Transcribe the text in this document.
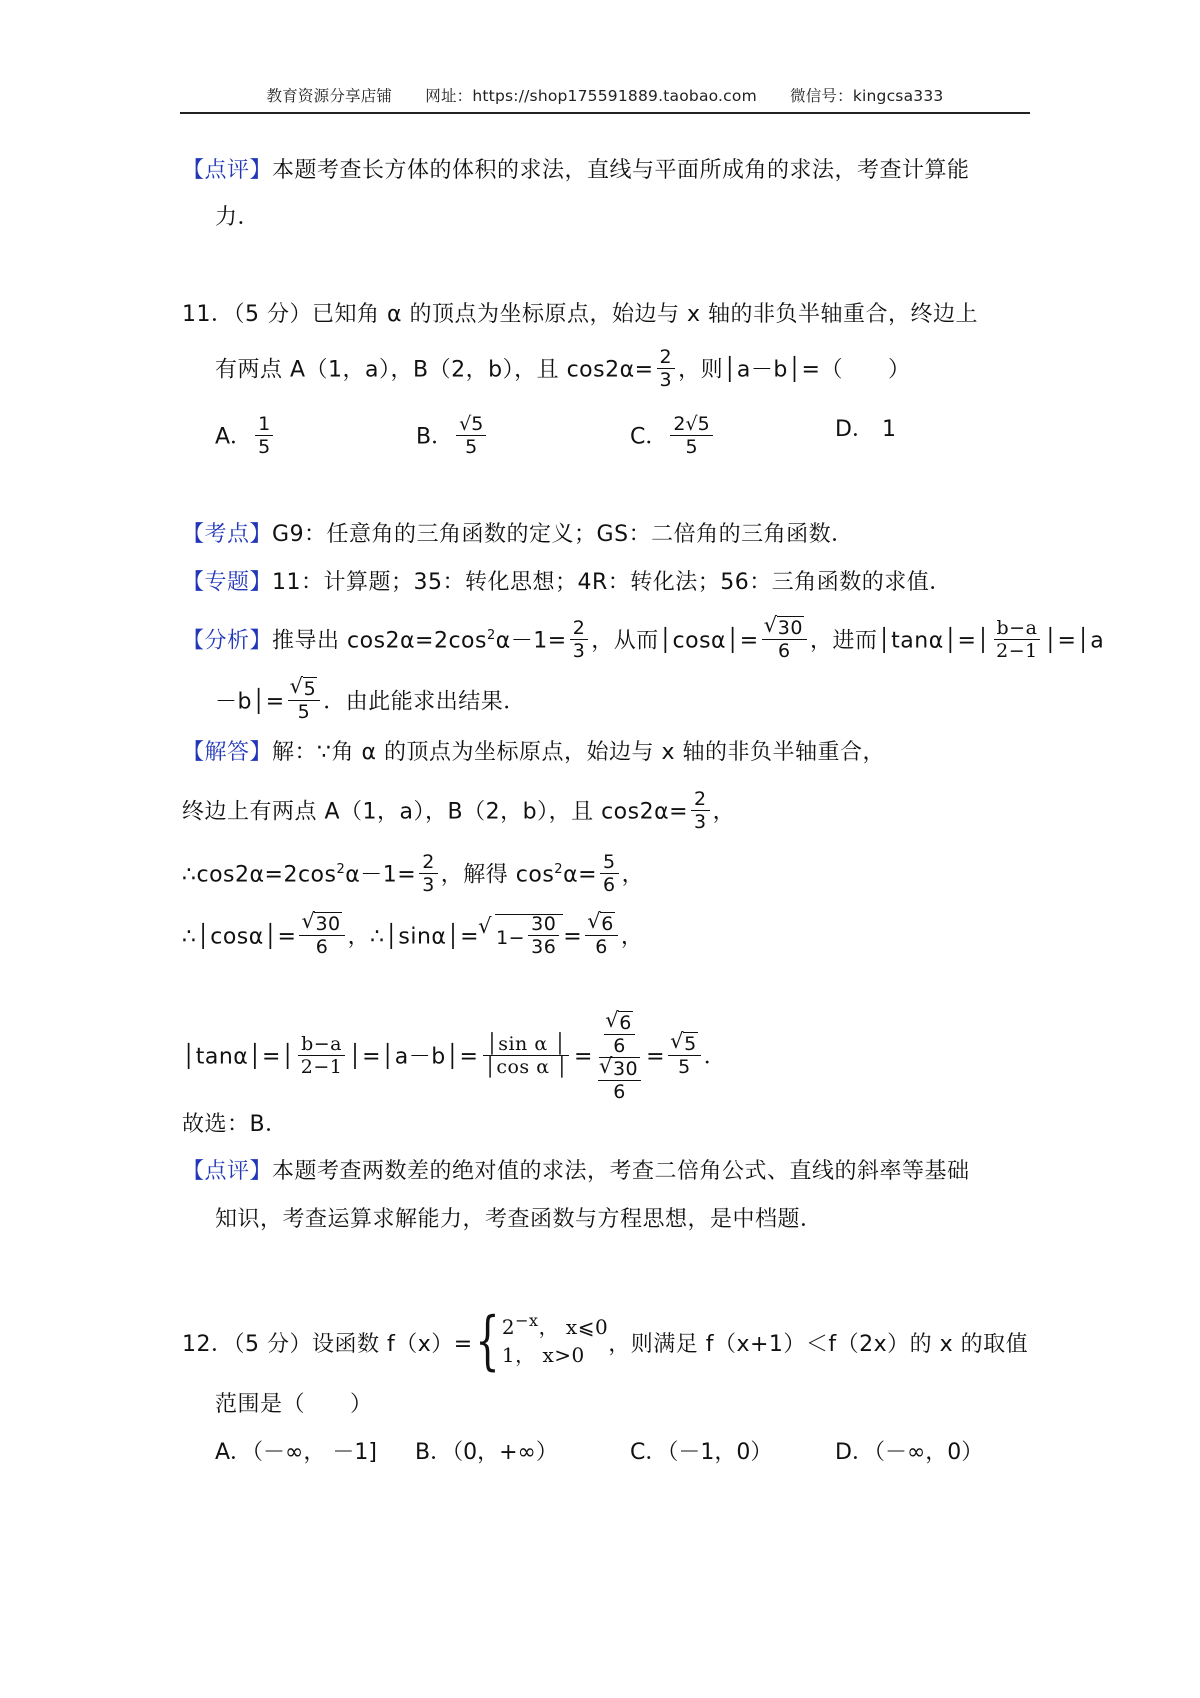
教育资源分享店铺 网址：https://shop175591889.taobao.com 微信号：kingcsa333
【点评】本题考查长方体的体积的求法，直线与平面所成角的求法，考查计算能
力．
11．（5 分）已知角 α 的顶点为坐标原点，始边与 x 轴的非负半轴重合，终边上
有两点 A（1，a），B（2，b），且 $\cos 2\alpha= \frac{2}{3}$ ，则│a－b│=（　　）
A． $\frac{1}{5}$	B． $\frac{√5}{5}$	C． $\frac{2√5}{5}$	D． 1
【考点】G9：任意角的三角函数的定义；GS：二倍角的三角函数．
【专题】11：计算题；35：转化思想；4R：转化法；56：三角函数的求值．
【分析】推导出 $\cos 2\alpha=2\cos^2\alpha-1= \frac{2}{3}$ ，从而│cosα│= √ $\frac{30}{6}$ ，进而│tanα│=│ $\frac{b-a}{2-1}$ │=│a
－b│= √ $\frac{5}{5}$ ．由此能求出结果．
【解答】解：∵角 α 的顶点为坐标原点，始边与 x 轴的非负半轴重合，
终边上有两点 A（1，a），B（2，b），且 $\cos 2\alpha= \frac{2}{3}$ ，
$\therefore\cos 2\alpha=2\cos^2\alpha-1= \frac{2}{3}$ ，解得 $\cos^2\alpha= \frac{5}{6}$ ，
∴│cosα│= √ $\frac{30}{6}$ ，∴│sinα│= √ $1- \frac{30}{36}$ = √ $\frac{6}{6}$ ，
│tanα│=│ $\frac{b-a}{2-1}$ │=│a－b│= $\frac{\text{│sin α │}}{\text{│cos α │}}$ = √ $\frac{6}{6}$
√ $\frac{30}{6}$ = √ $\frac{5}{5}$ ．
故选：B．
【点评】本题考查两数差的绝对值的求法，考查二倍角公式、直线的斜率等基础
知识，考查运算求解能力，考查函数与方程思想，是中档题．
12．（5 分）设函数 f（x）={ $2^{-x}$， x⩽0
1， x>0	，则满足 f（x+1）＜f（2x）的 x 的取值
范围是（　　）
A．（－∞， －1] B．（0，+∞）	C．（－1，0）	D．（－∞，0）
